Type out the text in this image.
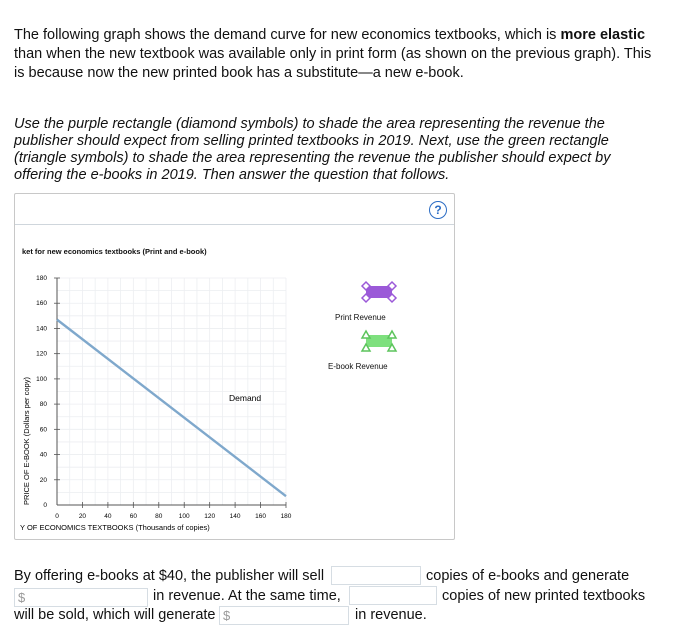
The following graph shows the demand curve for new economics textbooks, which is more elastic than when the new textbook was available only in print form (as shown on the previous graph). This is because now the new printed book has a substitute—a new e-book.
Use the purple rectangle (diamond symbols) to shade the area representing the revenue the publisher should expect from selling printed textbooks in 2019. Next, use the green rectangle (triangle symbols) to shade the area representing the revenue the publisher should expect by offering the e-books in 2019. Then answer the question that follows.
?
ket for new economics textbooks (Print and e-book)
0	20	40	60	80	100 120 140 160 180
0
20
40
60
80
100
120
140
160
180
Demand
Y OF ECONOMICS TEXTBOOKS (Thousands of copies)
PRICE OF E-BOOK (Dollars per copy)
Print Revenue
E-book Revenue
By offering e-books at $40, the publisher will sell	copies of e-books and generate
$	in revenue. At the same time,	copies of new printed textbooks
will be sold, which will generate $	in revenue.
